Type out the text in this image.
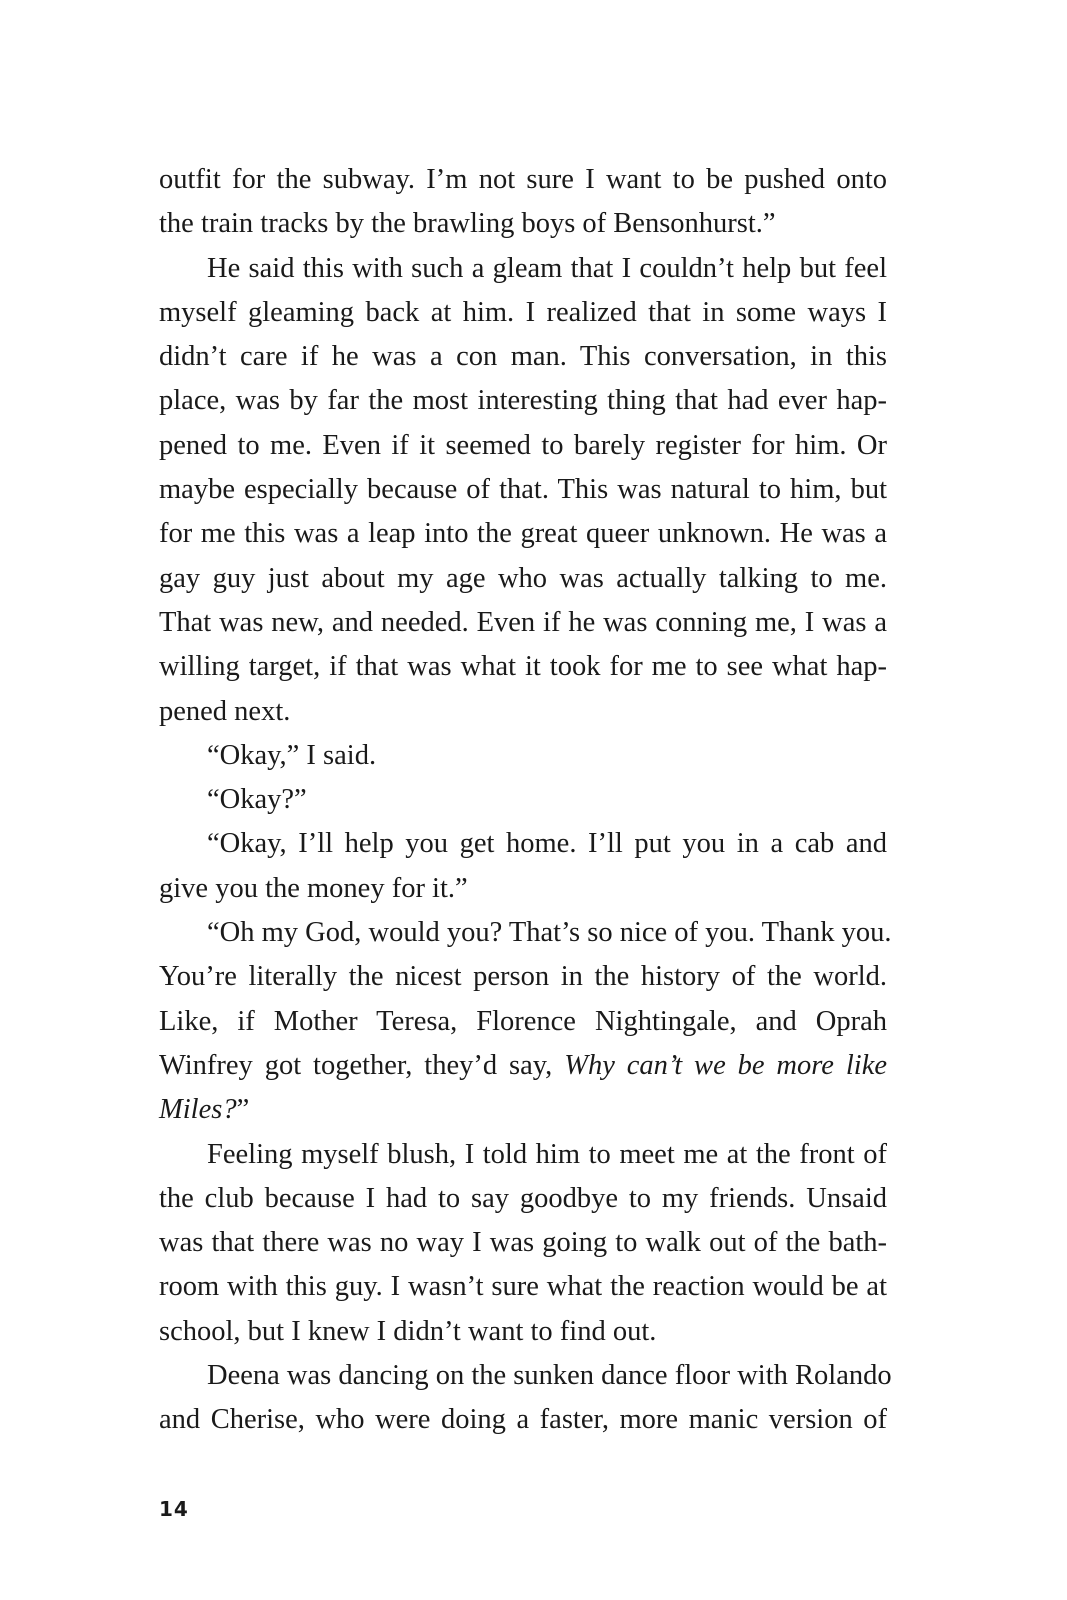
outfit for the subway. I’m not sure I want to be pushed onto
the train tracks by the brawling boys of Bensonhurst.”
He said this with such a gleam that I couldn’t help but feel
myself gleaming back at him. I realized that in some ways I
didn’t care if he was a con man. This conversation, in this
place, was by far the most interesting thing that had ever hap-
pened to me. Even if it seemed to barely register for him. Or
maybe especially because of that. This was natural to him, but
for me this was a leap into the great queer unknown. He was a
gay guy just about my age who was actually talking to me.
That was new, and needed. Even if he was conning me, I was a
willing target, if that was what it took for me to see what hap-
pened next.
“Okay,” I said.
“Okay?”
“Okay, I’ll help you get home. I’ll put you in a cab and
give you the money for it.”
“Oh my God, would you? That’s so nice of you. Thank you.
You’re literally the nicest person in the history of the world.
Like, if Mother Teresa, Florence Nightingale, and Oprah
Winfrey got together, they’d say, Why can’t we be more like
Miles?”
Feeling myself blush, I told him to meet me at the front of
the club because I had to say goodbye to my friends. Unsaid
was that there was no way I was going to walk out of the bath-
room with this guy. I wasn’t sure what the reaction would be at
school, but I knew I didn’t want to find out.
Deena was dancing on the sunken dance floor with Rolando
and Cherise, who were doing a faster, more manic version of
14
